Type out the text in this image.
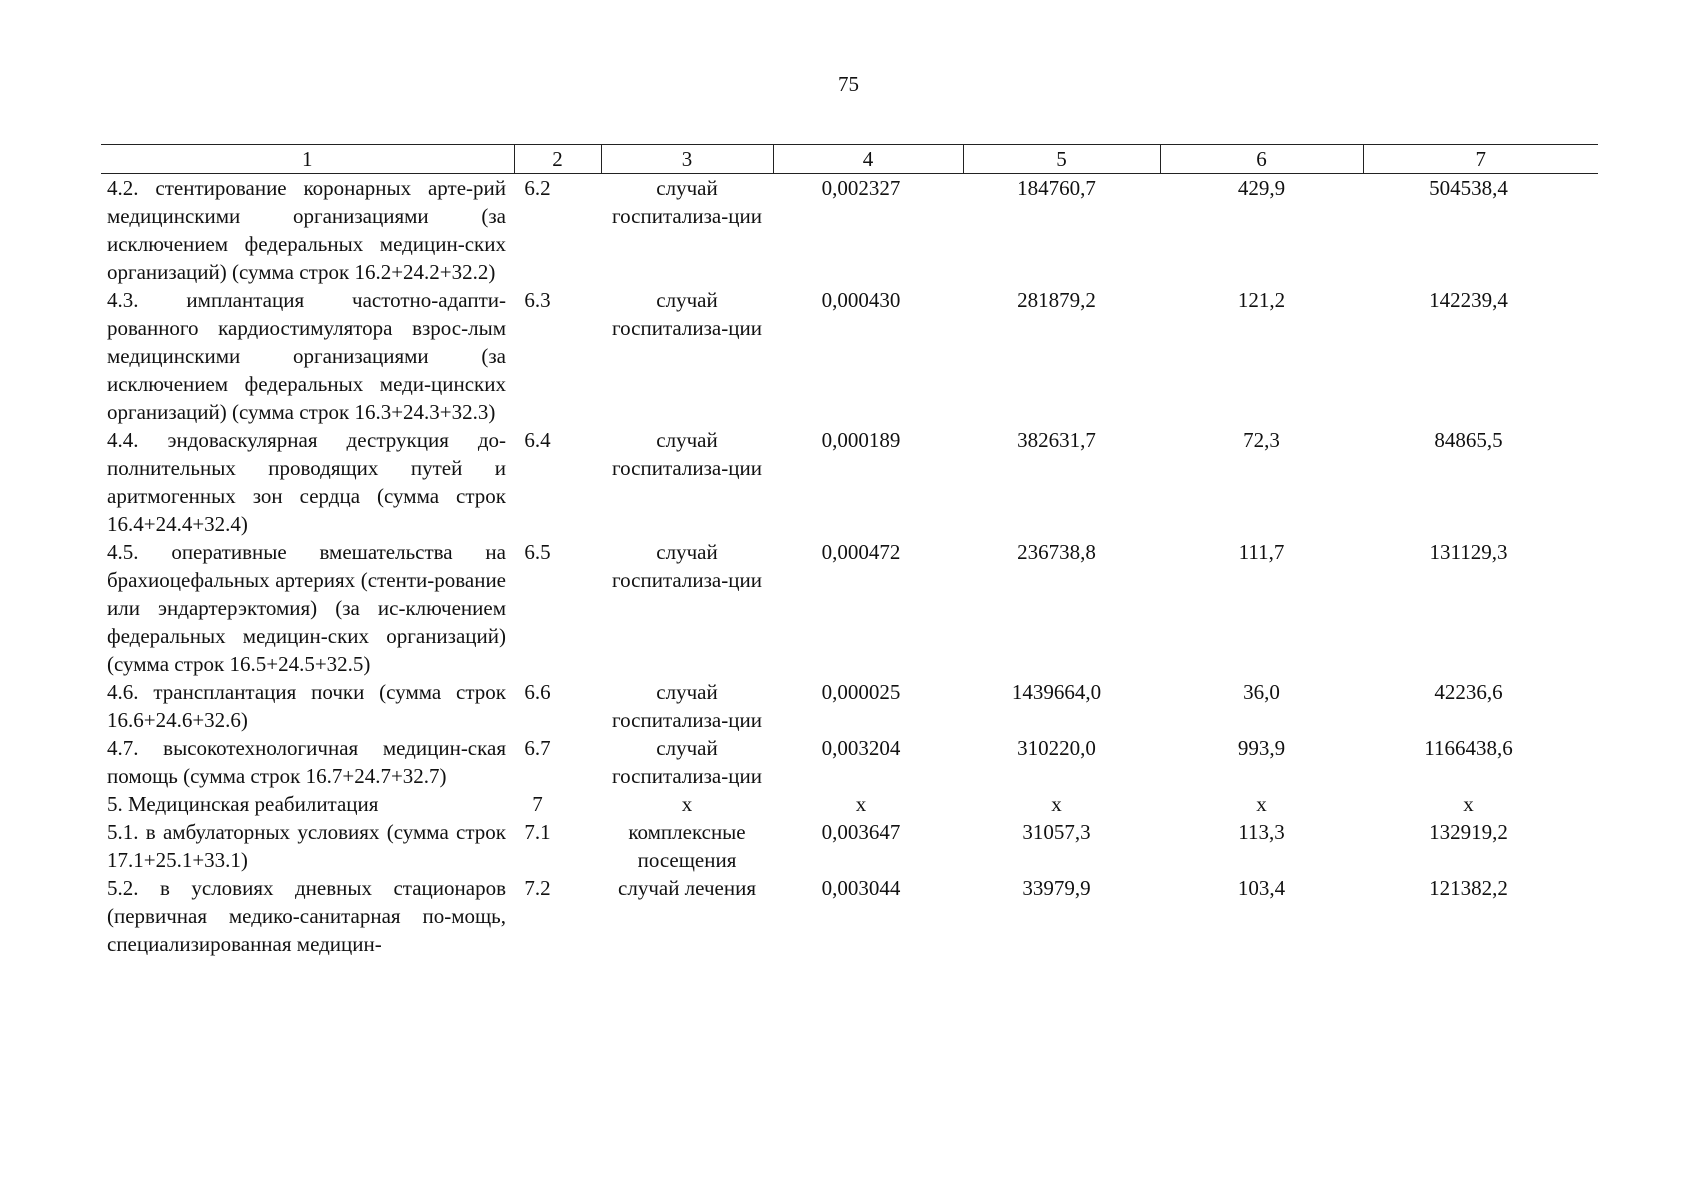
75
1	2	3	4	5	6	7
4.2. стентирование коронарных арте-рий медицинскими организациями (за исключением федеральных медицин-ских организаций) (сумма строк 16.2+24.2+32.2)	6.2	случай госпитализа-ции	0,002327	184760,7	429,9	504538,4
4.3. имплантация частотно-адапти-рованного кардиостимулятора взрос-лым медицинскими организациями (за исключением федеральных меди-цинских организаций) (сумма строк 16.3+24.3+32.3)	6.3	случай госпитализа-ции	0,000430	281879,2	121,2	142239,4
4.4. эндоваскулярная деструкция до-полнительных проводящих путей и аритмогенных зон сердца (сумма строк 16.4+24.4+32.4)	6.4	случай госпитализа-ции	0,000189	382631,7	72,3	84865,5
4.5. оперативные вмешательства на брахиоцефальных артериях (стенти-рование или эндартерэктомия) (за ис-ключением федеральных медицин-ских организаций) (сумма строк 16.5+24.5+32.5)	6.5	случай госпитализа-ции	0,000472	236738,8	111,7	131129,3
4.6. трансплантация почки (сумма строк 16.6+24.6+32.6)	6.6	случай госпитализа-ции	0,000025	1439664,0	36,0	42236,6
4.7. высокотехнологичная медицин-ская помощь (сумма строк 16.7+24.7+32.7)	6.7	случай госпитализа-ции	0,003204	310220,0	993,9	1166438,6
5. Медицинская реабилитация	7	х	х	х	х	х
5.1. в амбулаторных условиях (сумма строк 17.1+25.1+33.1)	7.1	комплексные посещения	0,003647	31057,3	113,3	132919,2
5.2. в условиях дневных стационаров (первичная медико-санитарная по-мощь, специализированная медицин-	7.2	случай лечения	0,003044	33979,9	103,4	121382,2
